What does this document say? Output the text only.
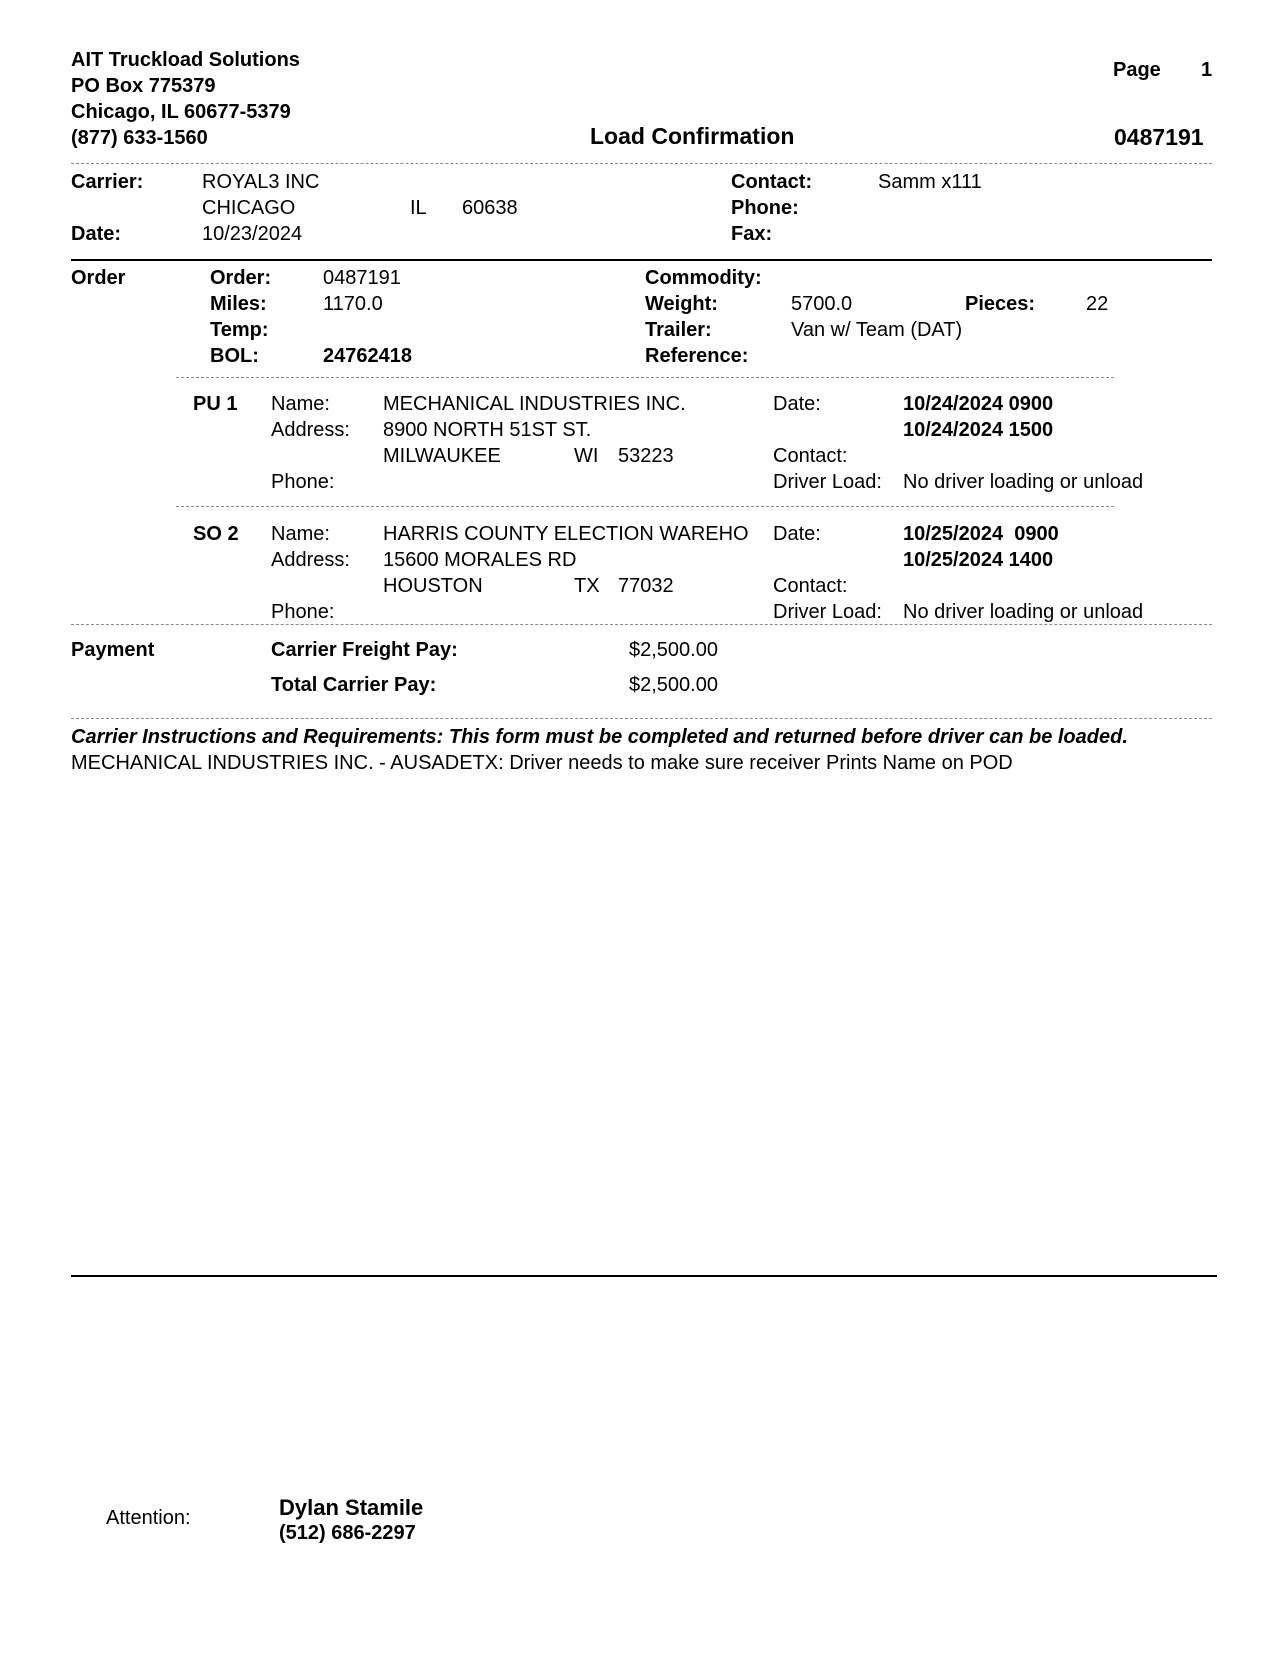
AIT Truckload Solutions
PO Box 775379
Chicago, IL 60677-5379
(877) 633-1560
Page 1
Load Confirmation	0487191
Carrier:	ROYAL3 INC
CHICAGO	IL 60638
Date:	10/23/2024
Contact:	Samm x111
Phone:
Fax:
Order	Order:	0487191
Miles:	1170.0
Temp:
BOL:	24762418
Commodity:
Weight:	5700.0	Pieces:	22
Trailer:	Van w/ Team (DAT)
Reference:
PU 1 Name:	MECHANICAL INDUSTRIES INC.
Address: 8900 NORTH 51ST ST.
MILWAUKEE	WI 53223
Phone:
Date:	10/24/2024 0900
10/24/2024 1500
Contact:
Driver Load: No driver loading or unload
SO 2 Name:	HARRIS COUNTY ELECTION WAREHO
Address: 15600 MORALES RD
HOUSTON	TX 77032
Phone:
Date:	10/25/2024  0900
10/25/2024 1400
Contact:
Driver Load: No driver loading or unload
Payment	Carrier Freight Pay:	$2,500.00
Total Carrier Pay:	$2,500.00
Carrier Instructions and Requirements: This form must be completed and returned before driver can be loaded.
MECHANICAL INDUSTRIES INC. - AUSADETX: Driver needs to make sure receiver Prints Name on POD
Attention:	Dylan Stamile
(512) 686-2297
